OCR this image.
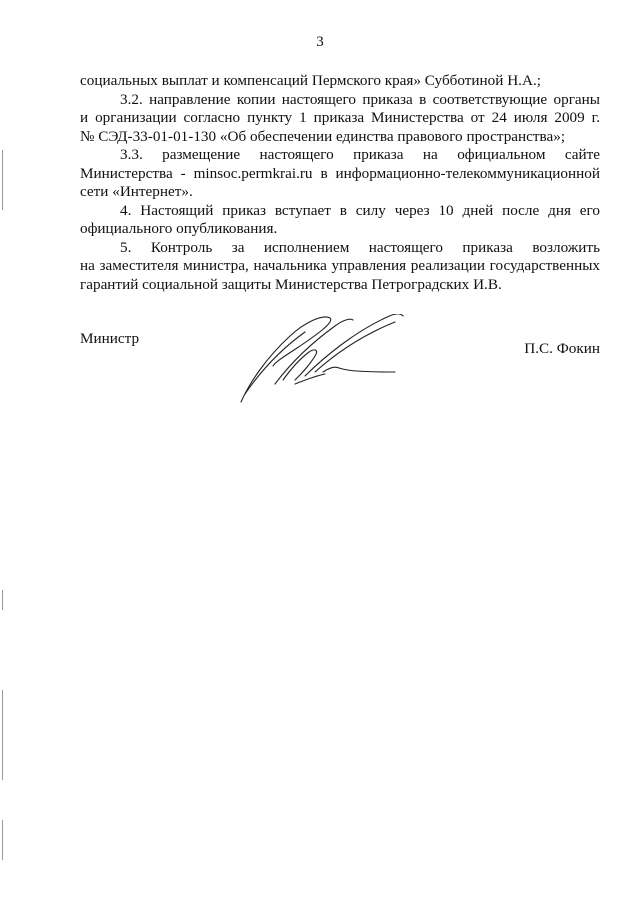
3

социальных выплат и компенсаций Пермского края» Субботиной Н.А.;

3.2. направление копии настоящего приказа в соответствующие органы
и организации согласно пункту 1 приказа Министерства от 24 июля 2009 г.
№ СЭД-33-01-01-130 «Об обеспечении единства правового пространства»;

3.3. размещение настоящего приказа на официальном сайте
Министерства - minsoc.permkrai.ru в информационно-телекоммуникационной
сети «Интернет».

4. Настоящий приказ вступает в силу через 10 дней после дня его
официального опубликования.

5. Контроль за исполнением настоящего приказа возложить
на заместителя министра, начальника управления реализации государственных
гарантий социальной защиты Министерства Петроградских И.В.

Министр
П.С. Фокин
